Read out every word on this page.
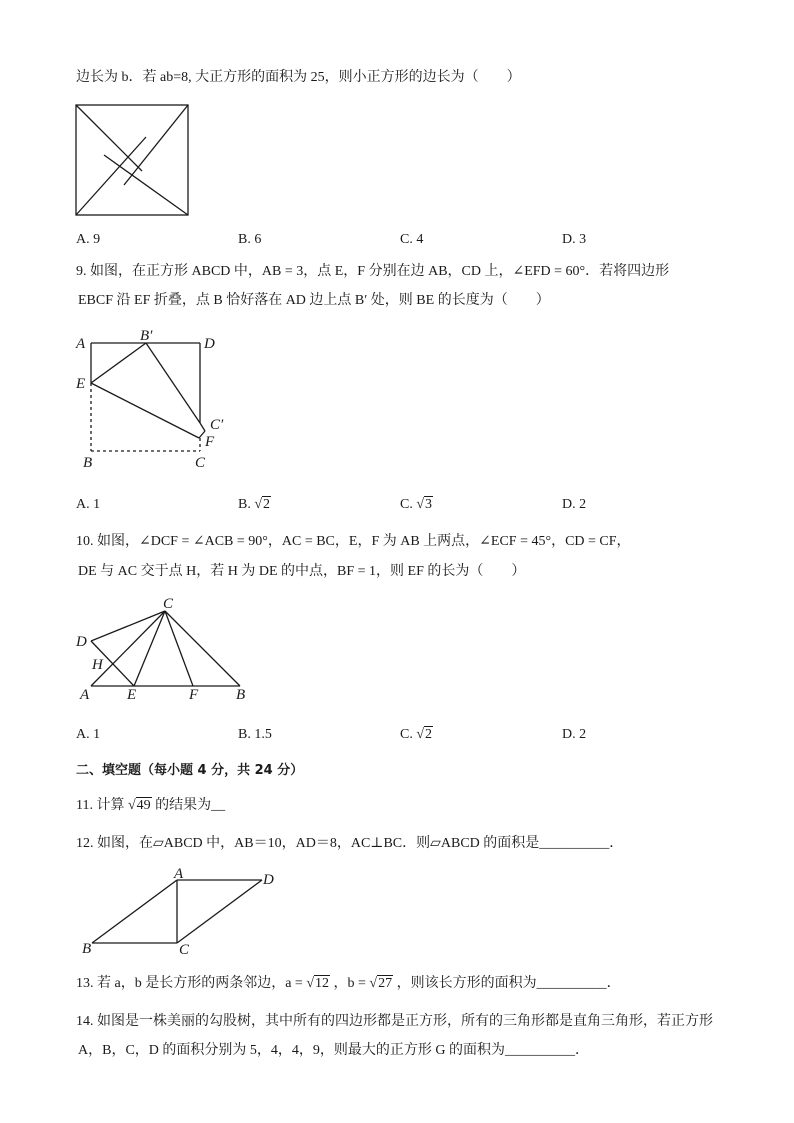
边长为 b．若 ab=8, 大正方形的面积为 25，则小正方形的边长为（　　）
A. 9	B. 6	C. 4	D. 3
9. 如图，在正方形 ABCD 中，AB = 3，点 E，F 分别在边 AB，CD 上，∠EFD = 60°．若将四边形
EBCF 沿 EF 折叠，点 B 恰好落在 AD 边上点 B′ 处，则 BE 的长度为（　　）
A	B′	D
E
C′
F
B	C
A. 1	B. √2	C. √3	D. 2
10. 如图，∠DCF = ∠ACB = 90°，AC = BC，E，F 为 AB 上两点，∠ECF = 45°，CD = CF，
DE 与 AC 交于点 H，若 H 为 DE 的中点，BF = 1，则 EF 的长为（　　）
C
D
H
A	E	F	B
A. 1	B. 1.5	C. √2	D. 2
二、填空题（每小题 4 分，共 24 分）
11. 计算 √49 的结果为__
12. 如图，在▱ABCD 中，AB＝10，AD＝8，AC⊥BC．则▱ABCD 的面积是__________．
A	D
B	C
13. 若 a，b 是长方形的两条邻边，a = √12 ，b = √27 ，则该长方形的面积为__________．
14. 如图是一株美丽的勾股树，其中所有的四边形都是正方形，所有的三角形都是直角三角形，若正方形
A，B，C，D 的面积分别为 5，4，4，9，则最大的正方形 G 的面积为__________．
